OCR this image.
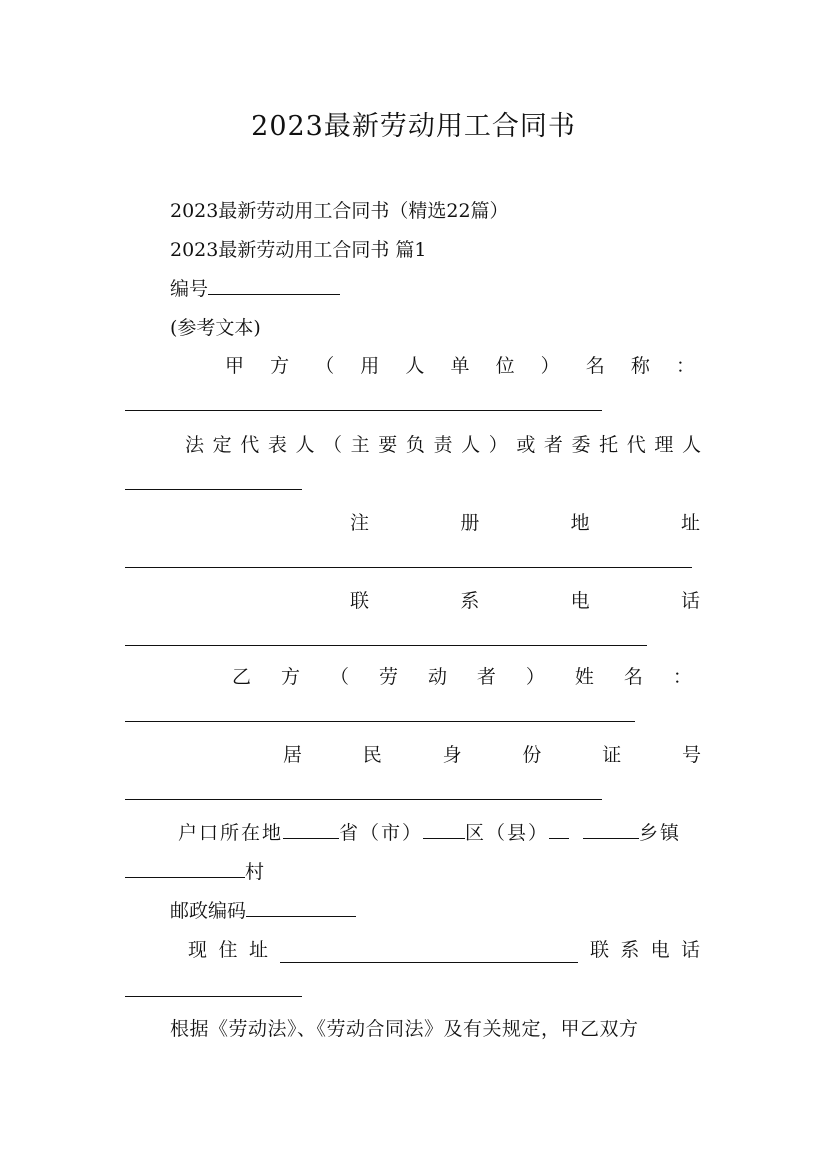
2023最新劳动用工合同书
2023最新劳动用工合同书（精选22篇）
2023最新劳动用工合同书 篇1
编号
(参考文本)
甲 方 （ 用 人 单 位 ） 名 称 ：
法 定 代 表 人 （ 主 要 负 责 人 ） 或 者 委 托 代 理 人
注	册	地	址
联	系	电	话
乙 方 （ 劳 动 者 ） 姓 名 ：
居	民	身	份	证	号
户口所在地	省（市） 区（县）	乡镇
村
邮政编码
现 住 址	联 系 电 话
根据《劳动法》、《劳动合同法》及有关规定，甲乙双方
